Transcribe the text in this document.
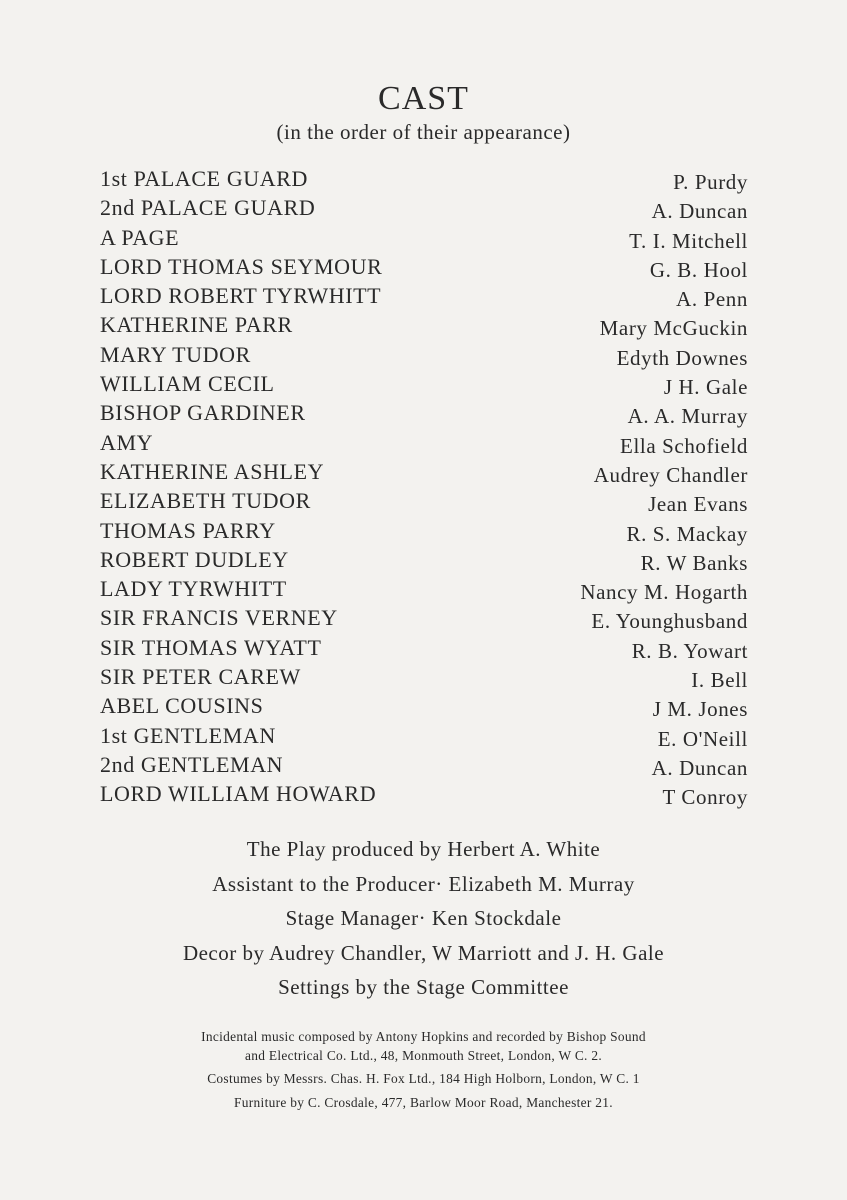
CAST
(in the order of their appearance)
1st PALACE GUARD	P. Purdy
2nd PALACE GUARD	A. Duncan
A PAGE	T. I. Mitchell
LORD THOMAS SEYMOUR	G. B. Hool
LORD ROBERT TYRWHITT	A. Penn
KATHERINE PARR	Mary McGuckin
MARY TUDOR	Edyth Downes
WILLIAM CECIL	J H. Gale
BISHOP GARDINER	A. A. Murray
AMY	Ella Schofield
KATHERINE ASHLEY	Audrey Chandler
ELIZABETH TUDOR	Jean Evans
THOMAS PARRY	R. S. Mackay
ROBERT DUDLEY	R. W Banks
LADY TYRWHITT	Nancy M. Hogarth
SIR FRANCIS VERNEY	E. Younghusband
SIR THOMAS WYATT	R. B. Yowart
SIR PETER CAREW	I. Bell
ABEL COUSINS	J M. Jones
1st GENTLEMAN	E. O'Neill
2nd GENTLEMAN	A. Duncan
LORD WILLIAM HOWARD	T Conroy
The Play produced by Herbert A. White
Assistant to the Producer· Elizabeth M. Murray
Stage Manager· Ken Stockdale
Decor by Audrey Chandler, W Marriott and J. H. Gale
Settings by the Stage Committee
Incidental music composed by Antony Hopkins and recorded by Bishop Sound
and Electrical Co. Ltd., 48, Monmouth Street, London, W C. 2.
Costumes by Messrs. Chas. H. Fox Ltd., 184 High Holborn, London, W C. 1
Furniture by C. Crosdale, 477, Barlow Moor Road, Manchester 21.
